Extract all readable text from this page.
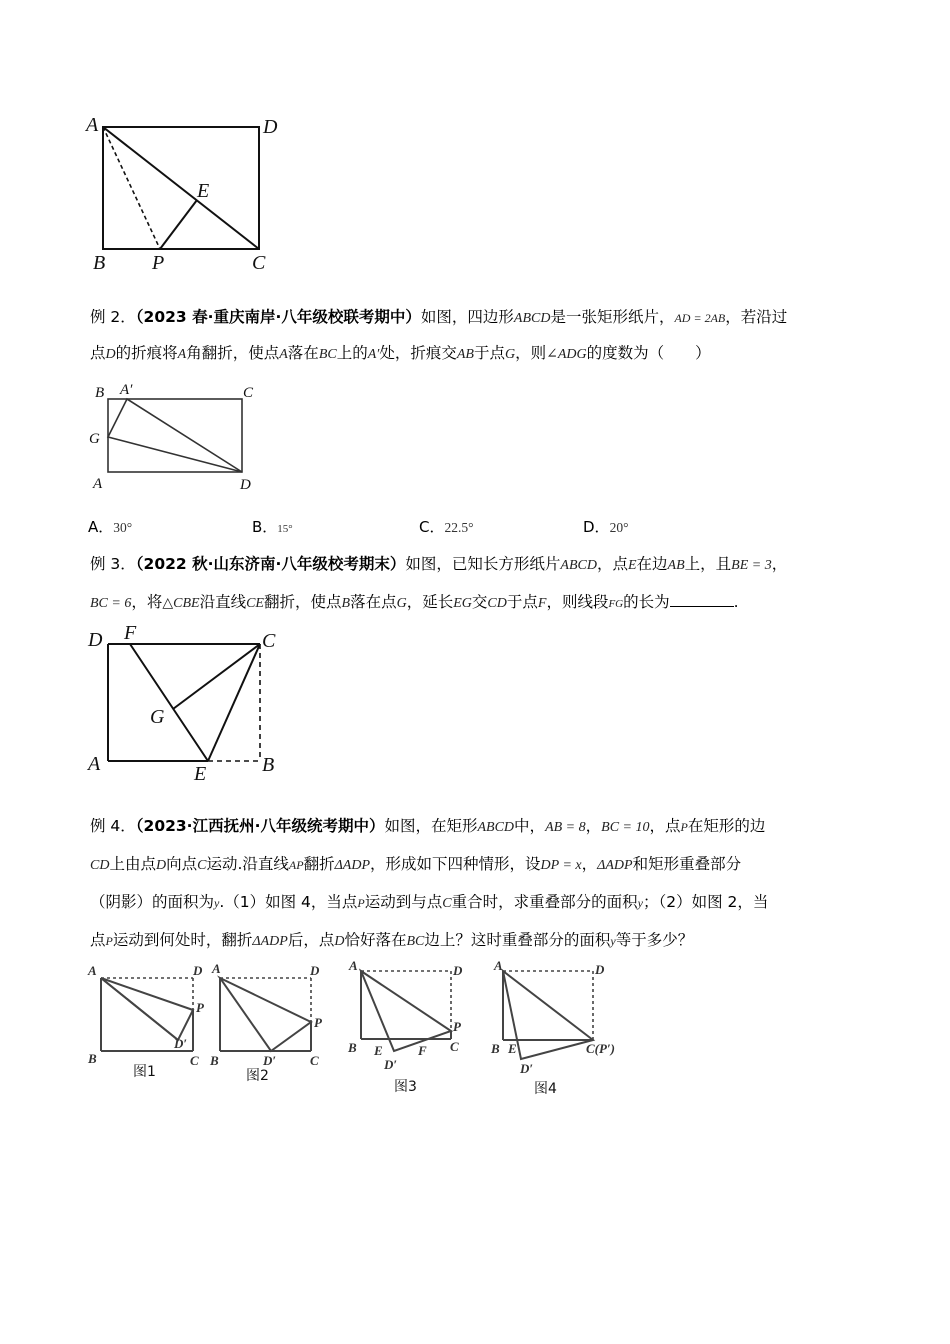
A	D
E
B P	C
例 2．（2023 春·重庆南岸·八年级校联考期中）如图，四边形ABCD是一张矩形纸片，AD = 2AB，若沿过
点D的折痕将A角翻折，使点A落在BC上的A′处，折痕交AB于点G，则∠ADG的度数为（　　）
B A′	C
G
A	D
A．30°	B．15°	C．22.5°	D．20°
例 3．（2022 秋·山东济南·八年级校考期末）如图，已知长方形纸片ABCD，点E在边AB上，且BE = 3，
BC = 6，将△CBE沿直线CE翻折，使点B落在点G，延长EG交CD于点F，则线段FG的长为	.
D F	C
G
A	E	B
例 4．（2023·江西抚州·八年级统考期中）如图，在矩形ABCD中，AB = 8，BC = 10，点P在矩形的边
CD上由点D向点C运动.沿直线AP翻折ΔADP，形成如下四种情形，设DP = x，ΔADP和矩形重叠部分
（阴影）的面积为y.（1）如图 4，当点P运动到与点C重合时，求重叠部分的面积y；（2）如图 2，当
点P运动到何处时，翻折ΔADP后，点D恰好落在BC边上？这时重叠部分的面积y等于多少？
A	D
P
D′
B	C
图1
A	D
P
D′
B	C
图2
A	D
P
B E	F C
D′
图3
A	D
B E	C(P′)
D′
图4
